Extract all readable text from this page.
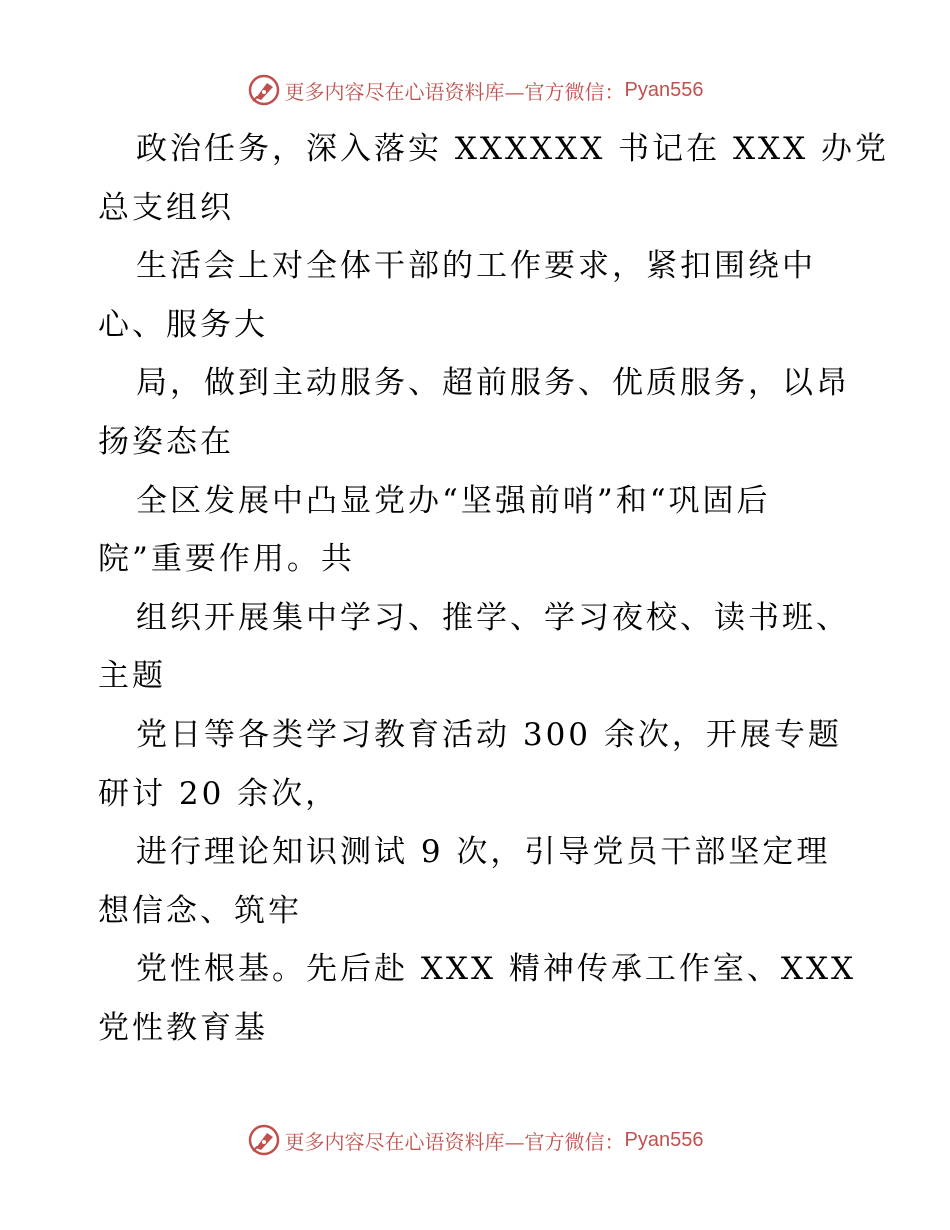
更多内容尽在心语资料库—官方微信： Pyan556
政治任务，深入落实 XXXXXX 书记在 XXX 办党
总支组织
生活会上对全体干部的工作要求，紧扣围绕中
心、服务大
局，做到主动服务、超前服务、优质服务，以昂
扬姿态在
全区发展中凸显党办“坚强前哨”和“巩固后
院”重要作用。共
组织开展集中学习、推学、学习夜校、读书班、
主题
党日等各类学习教育活动 300 余次，开展专题
研讨 20 余次，
进行理论知识测试 9 次，引导党员干部坚定理
想信念、筑牢
党性根基。先后赴 XXX 精神传承工作室、XXX
党性教育基
更多内容尽在心语资料库—官方微信： Pyan556
